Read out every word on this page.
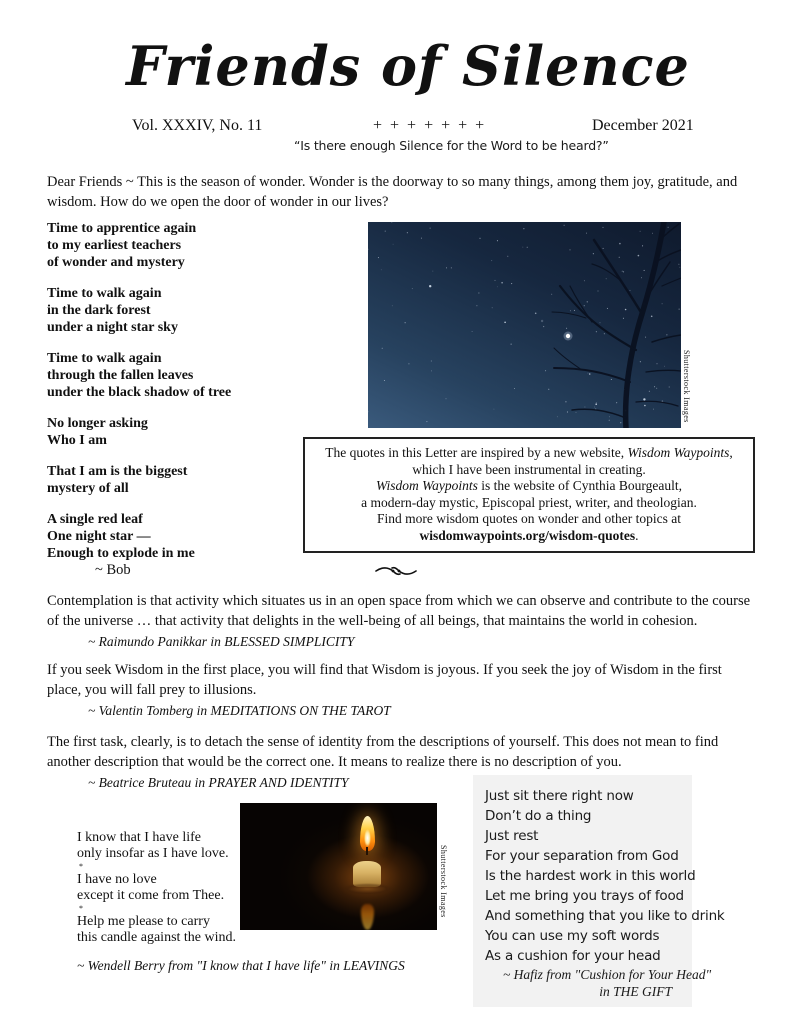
Friends of Silence
Vol. XXXIV, No. 11	+ + + + + + +	December 2021
“Is there enough Silence for the Word to be heard?”
Dear Friends ~ This is the season of wonder. Wonder is the doorway to so many things, among them joy, gratitude, and wisdom. How do we open the door of wonder in our lives?
Time to apprentice again
to my earliest teachers
of wonder and mystery
Time to walk again
in the dark forest
under a night star sky
Time to walk again
through the fallen leaves
under the black shadow of tree
No longer asking
Who I am
That I am is the biggest
mystery of all
A single red leaf
One night star —
Enough to explode in me
~ Bob
Shutterstock Images
The quotes in this Letter are inspired by a new website, Wisdom Waypoints,
which I have been instrumental in creating.
Wisdom Waypoints is the website of Cynthia Bourgeault,
a modern-day mystic, Episcopal priest, writer, and theologian.
Find more wisdom quotes on wonder and other topics at
wisdomwaypoints.org/wisdom-quotes.
Contemplation is that activity which situates us in an open space from which we can observe and contribute to the course of the universe … that activity that delights in the well-being of all beings, that maintains the world in cohesion.
~ Raimundo Panikkar in BLESSED SIMPLICITY
If you seek Wisdom in the first place, you will find that Wisdom is joyous. If you seek the joy of Wisdom in the first place, you will fall prey to illusions.
~ Valentin Tomberg in MEDITATIONS ON THE TAROT
The first task, clearly, is to detach the sense of identity from the descriptions of yourself. This does not mean to find another description that would be the correct one. It means to realize there is no description of you.
~ Beatrice Bruteau in PRAYER AND IDENTITY
I know that I have life
only insofar as I have love.
*
I have no love
except it come from Thee.
*
Help me please to carry
this candle against the wind.
~ Wendell Berry from "I know that I have life" in LEAVINGS
Shutterstock Images
Just sit there right now
Don’t do a thing
Just rest
For your separation from God
Is the hardest work in this world
Let me bring you trays of food
And something that you like to drink
You can use my soft words
As a cushion for your head
~ Hafiz from "Cushion for Your Head"
in THE GIFT
